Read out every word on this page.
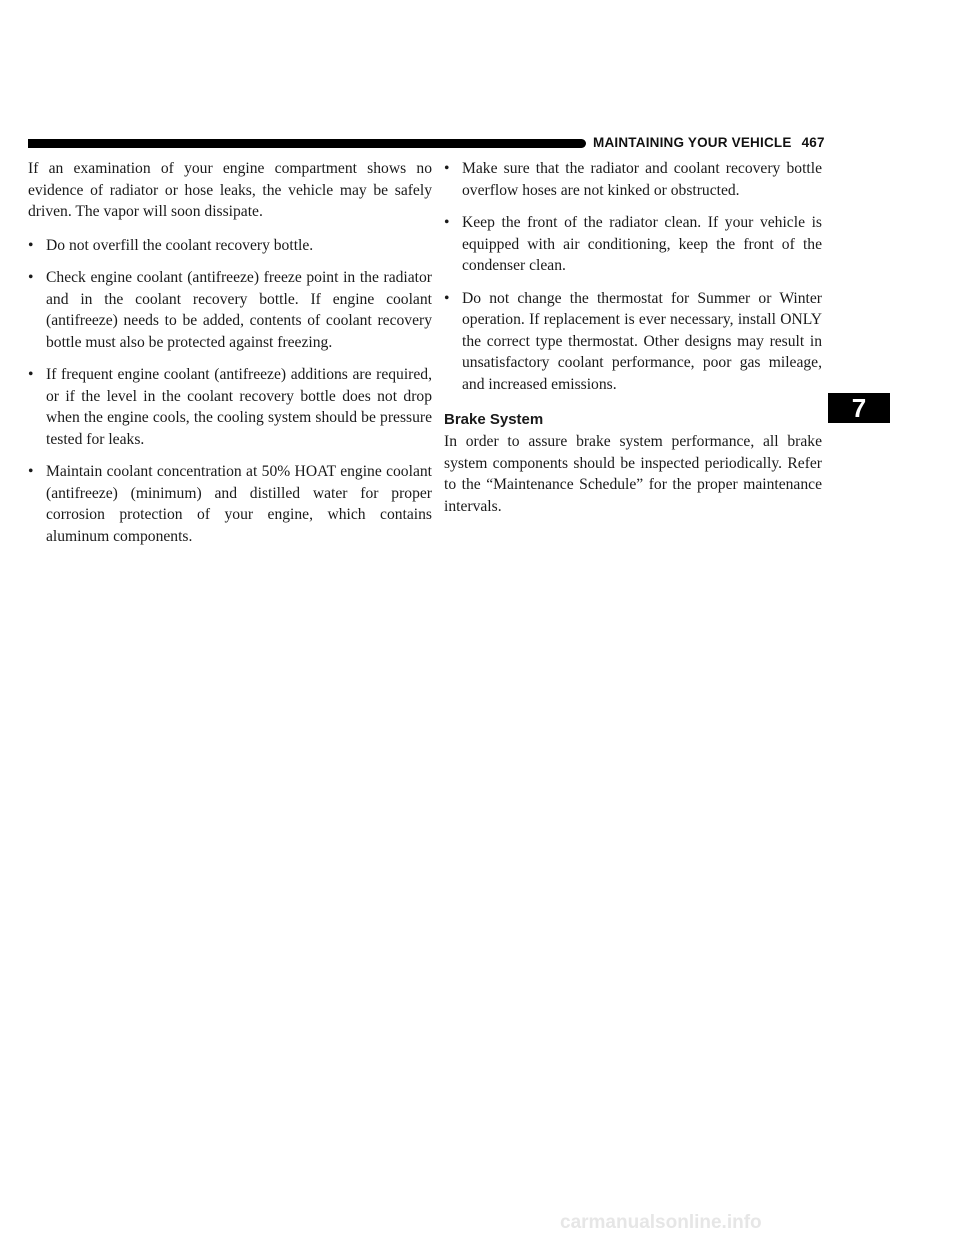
MAINTAINING YOUR VEHICLE 467

If an examination of your engine compartment shows no evidence of radiator or hose leaks, the vehicle may be safely driven. The vapor will soon dissipate.

• Do not overfill the coolant recovery bottle.
• Check engine coolant (antifreeze) freeze point in the radiator and in the coolant recovery bottle. If engine coolant (antifreeze) needs to be added, contents of coolant recovery bottle must also be protected against freezing.
• If frequent engine coolant (antifreeze) additions are required, or if the level in the coolant recovery bottle does not drop when the engine cools, the cooling system should be pressure tested for leaks.
• Maintain coolant concentration at 50% HOAT engine coolant (antifreeze) (minimum) and distilled water for proper corrosion protection of your engine, which contains aluminum components.
• Make sure that the radiator and coolant recovery bottle overflow hoses are not kinked or obstructed.
• Keep the front of the radiator clean. If your vehicle is equipped with air conditioning, keep the front of the condenser clean.
• Do not change the thermostat for Summer or Winter operation. If replacement is ever necessary, install ONLY the correct type thermostat. Other designs may result in unsatisfactory coolant performance, poor gas mileage, and increased emissions.
Brake System

In order to assure brake system performance, all brake system components should be inspected periodically. Refer to the “Maintenance Schedule” for the proper maintenance intervals.

7
carmanualsonline.info
